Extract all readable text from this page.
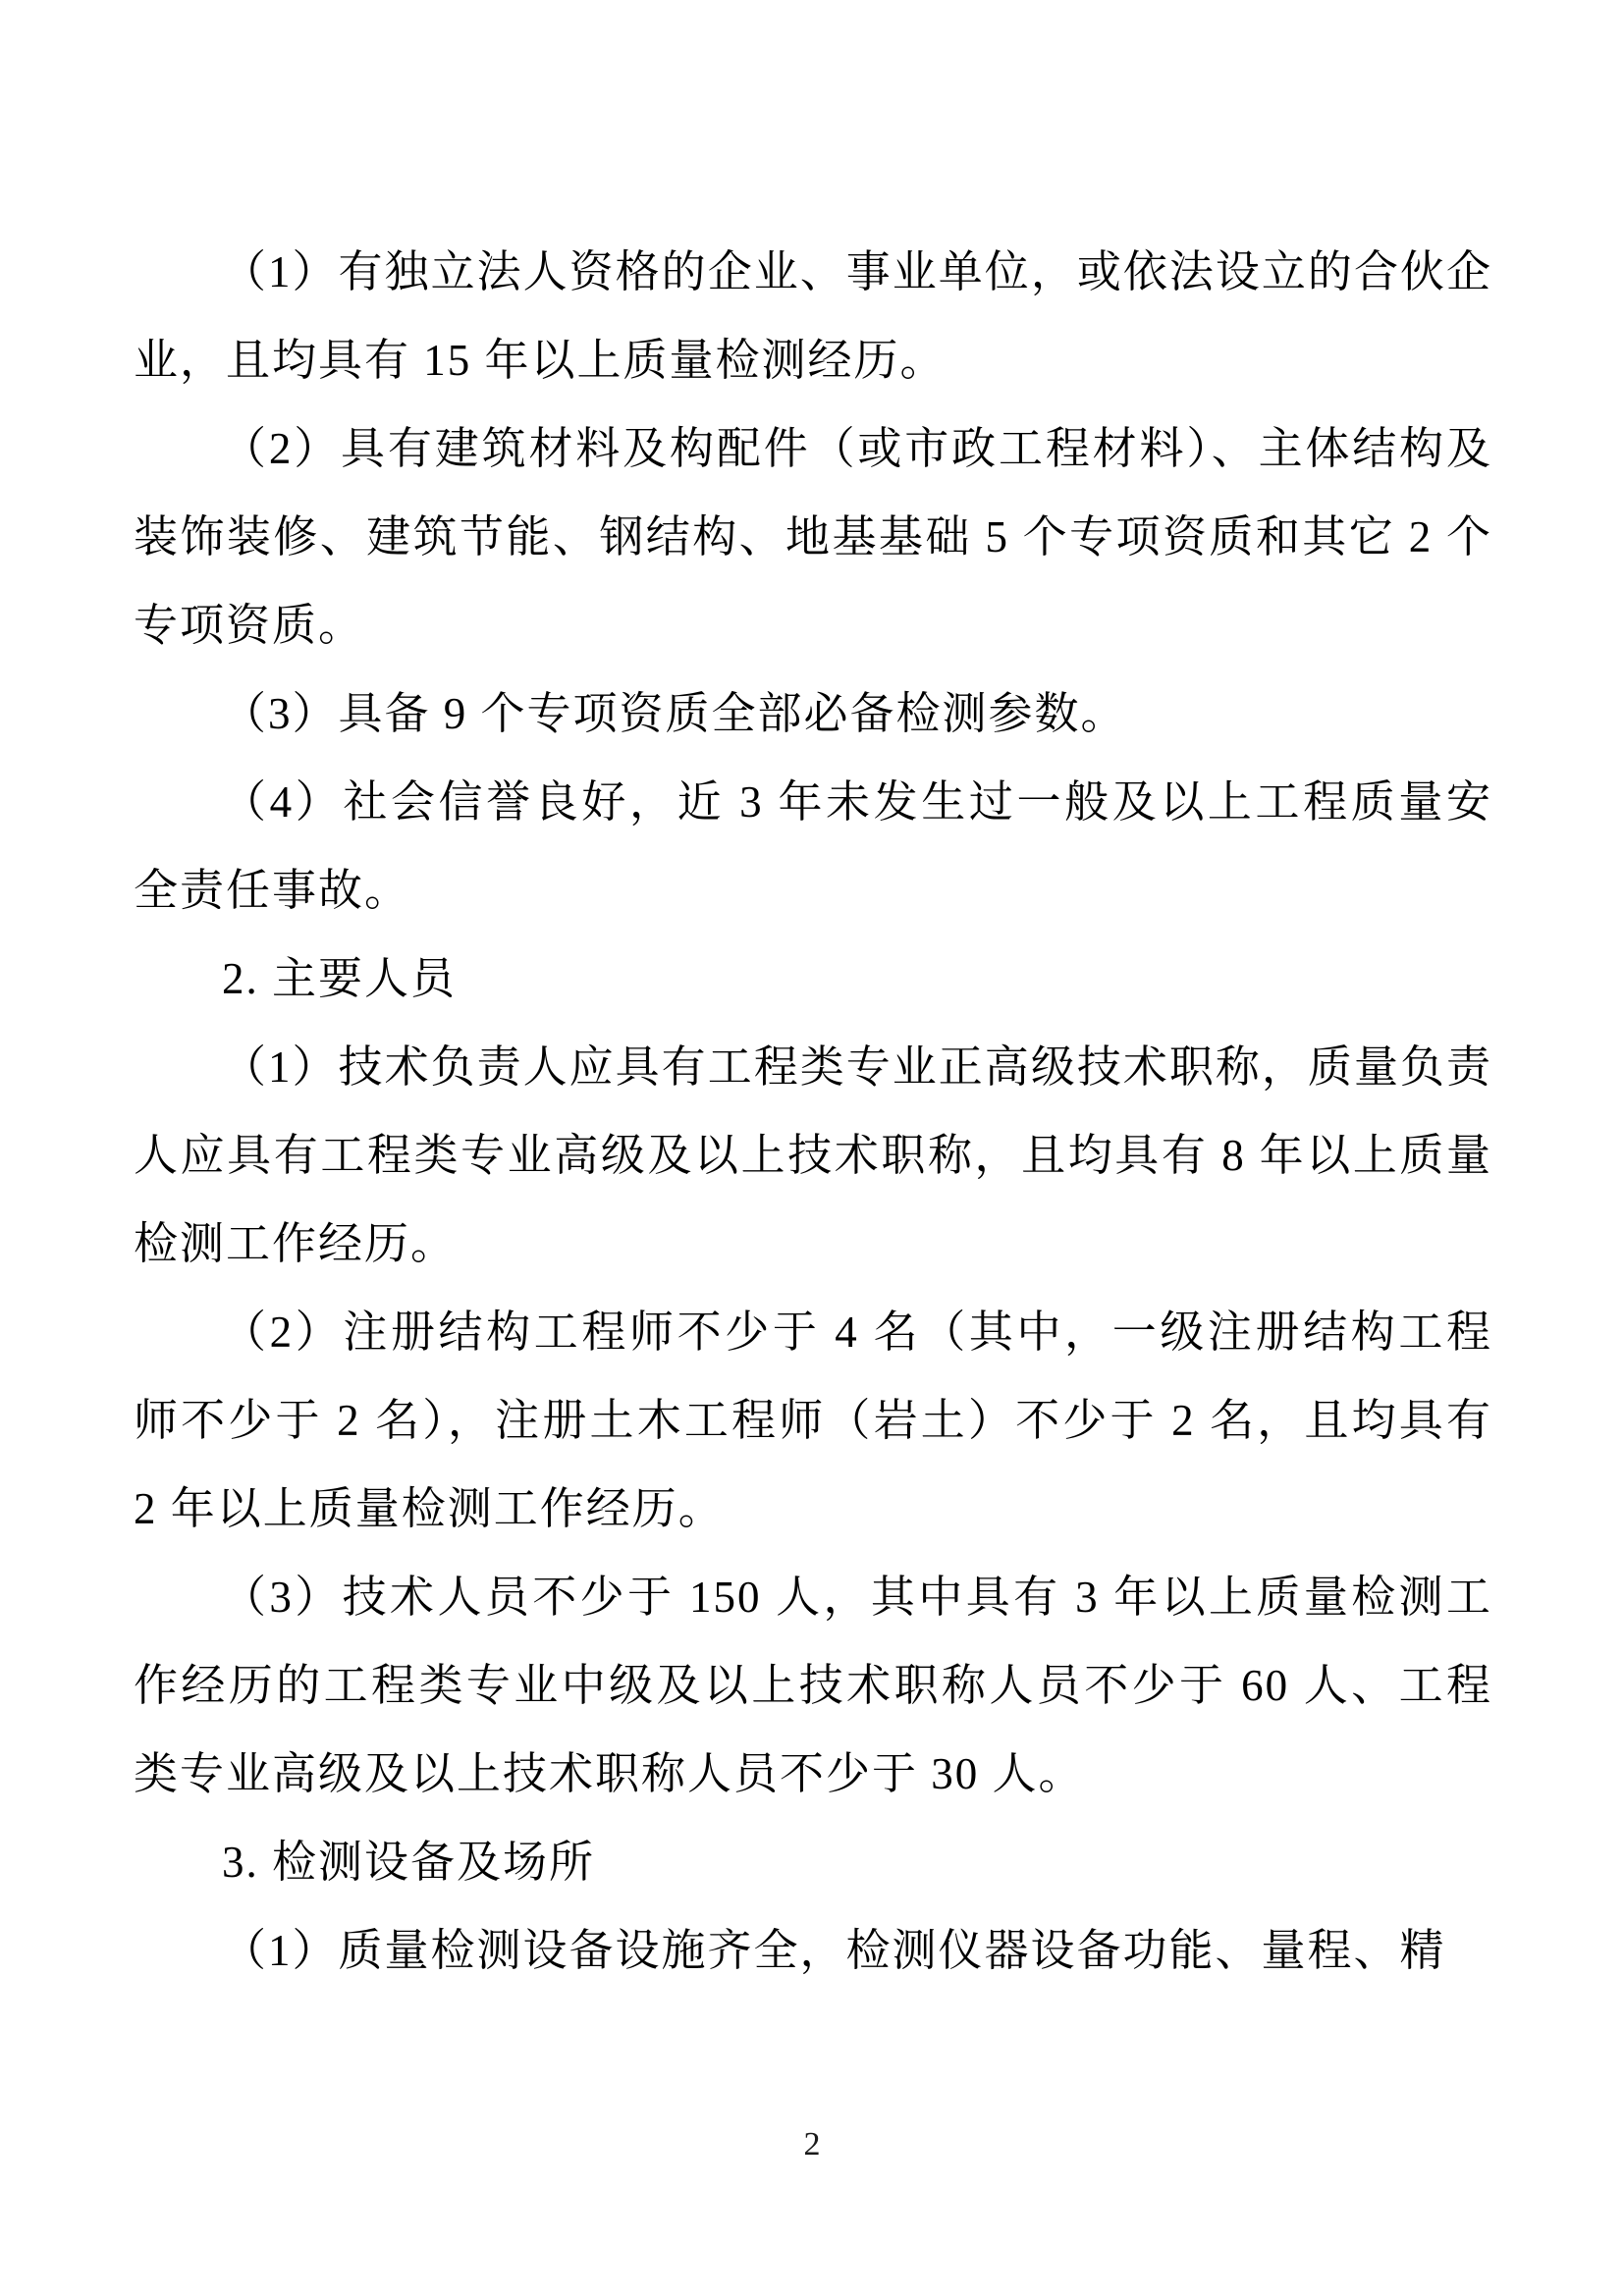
（1）有独立法人资格的企业、事业单位，或依法设立的合伙企业，且均具有 15 年以上质量检测经历。

（2）具有建筑材料及构配件（或市政工程材料）、主体结构及装饰装修、建筑节能、钢结构、地基基础 5 个专项资质和其它 2 个专项资质。

（3）具备 9 个专项资质全部必备检测参数。

（4）社会信誉良好，近 3 年未发生过一般及以上工程质量安全责任事故。

2. 主要人员

（1）技术负责人应具有工程类专业正高级技术职称，质量负责人应具有工程类专业高级及以上技术职称，且均具有 8 年以上质量检测工作经历。

（2）注册结构工程师不少于 4 名（其中，一级注册结构工程师不少于 2 名），注册土木工程师（岩土）不少于 2 名，且均具有 2 年以上质量检测工作经历。

（3）技术人员不少于 150 人，其中具有 3 年以上质量检测工作经历的工程类专业中级及以上技术职称人员不少于 60 人、工程类专业高级及以上技术职称人员不少于 30 人。

3. 检测设备及场所

（1）质量检测设备设施齐全，检测仪器设备功能、量程、精

2
